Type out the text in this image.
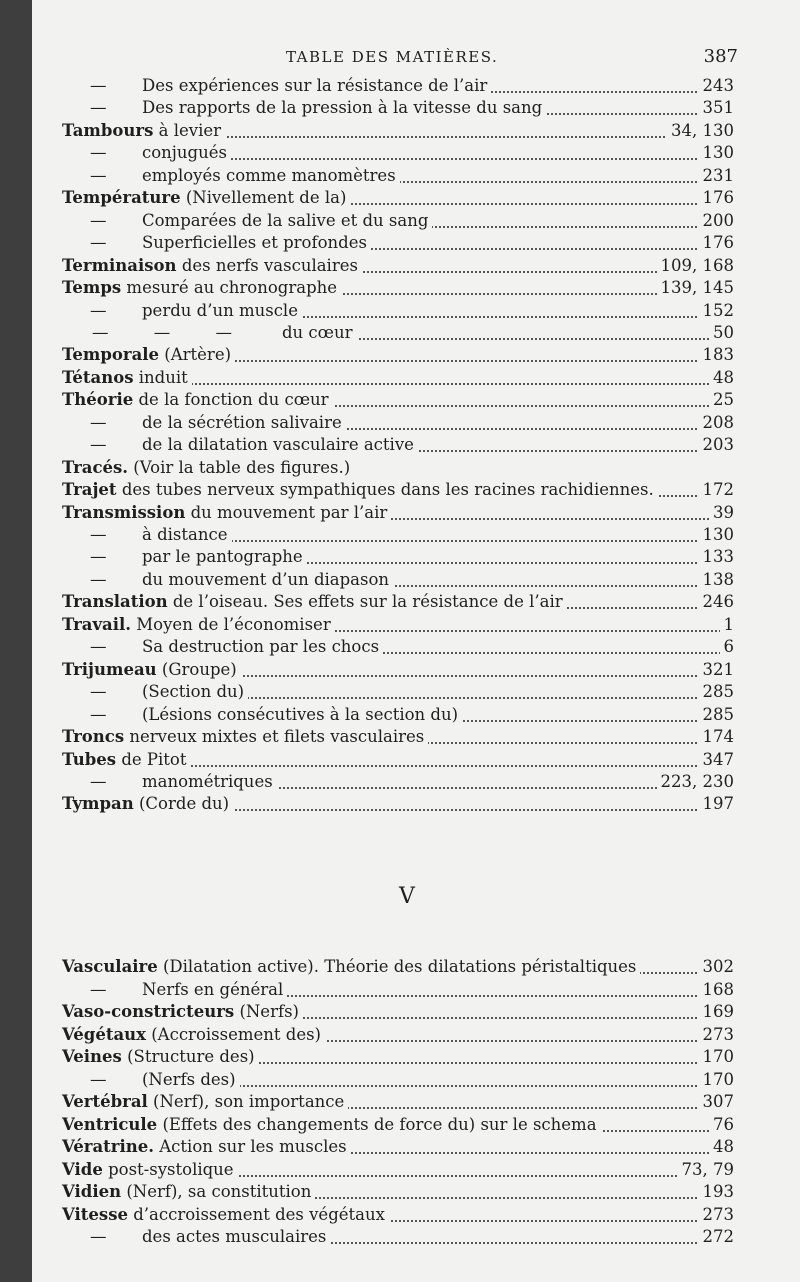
TABLE DES MATIÈRES.	387
— Des expériences sur la résistance de l’air	243
— Des rapports de la pression à la vitesse du sang	351
Tambours à levier	34, 130
— conjugués	130
— employés comme manomètres	231
Température (Nivellement de la)	176
— Comparées de la salive et du sang	200
— Superficielles et profondes	176
Terminaison des nerfs vasculaires	109, 168
Temps mesuré au chronographe	139, 145
— perdu d’un muscle	152
— — —	du cœur	50
Temporale (Artère)	183
Tétanos induit	48
Théorie de la fonction du cœur	25
— de la sécrétion salivaire	208
— de la dilatation vasculaire active	203
Tracés. (Voir la table des figures.)
Trajet des tubes nerveux sympathiques dans les racines rachidiennes.	172
Transmission du mouvement par l’air	39
— à distance	130
— par le pantographe	133
— du mouvement d’un diapason	138
Translation de l’oiseau. Ses effets sur la résistance de l’air	246
Travail. Moyen de l’économiser	1
— Sa destruction par les chocs	6
Trijumeau (Groupe)	321
— (Section du)	285
— (Lésions consécutives à la section du)	285
Troncs nerveux mixtes et filets vasculaires	174
Tubes de Pitot	347
— manométriques	223, 230
Tympan (Corde du)	197
Vasculaire (Dilatation active). Théorie des dilatations péristaltiques	302
— Nerfs en général	168
Vaso-constricteurs (Nerfs)	169
Végétaux (Accroissement des)	273
Veines (Structure des)	170
— (Nerfs des)	170
Vertébral (Nerf), son importance	307
Ventricule (Effets des changements de force du) sur le schema	76
Vératrine. Action sur les muscles	48
Vide post-systolique	73, 79
Vidien (Nerf), sa constitution	193
Vitesse d’accroissement des végétaux	273
— des actes musculaires	272
V
